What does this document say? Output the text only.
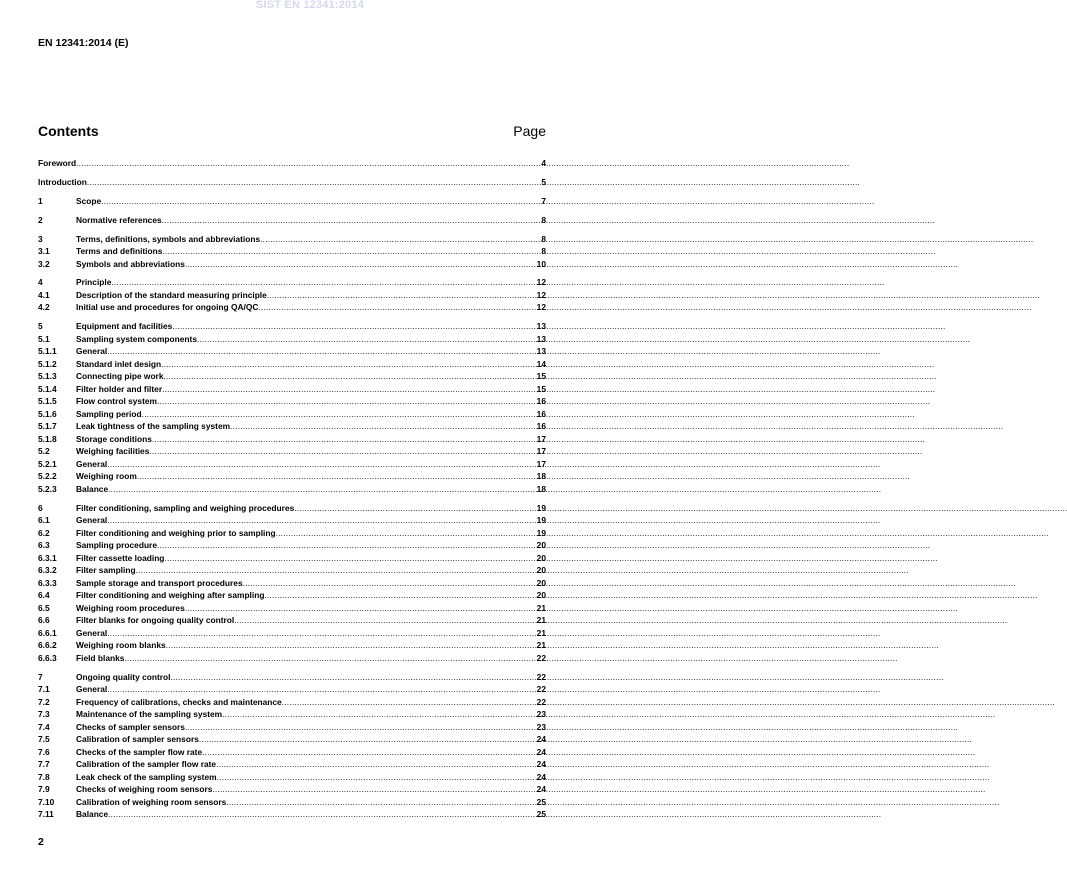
SIST EN 12341:2014
EN 12341:2014 (E)
Contents	Page
Foreword .....	4
Introduction .....	5
1	Scope .....	7
2	Normative references .....	8
3	Terms, definitions, symbols and abbreviations .....	8
3.1	Terms and definitions .....	8
3.2	Symbols and abbreviations .....	10
4	Principle .....	12
4.1	Description of the standard measuring principle .....	12
4.2	Initial use and procedures for ongoing QA/QC .....	12
5	Equipment and facilities .....	13
5.1	Sampling system components .....	13
5.1.1	General .....	13
5.1.2	Standard inlet design .....	14
5.1.3	Connecting pipe work .....	15
5.1.4	Filter holder and filter .....	15
5.1.5	Flow control system .....	16
5.1.6	Sampling period .....	16
5.1.7	Leak tightness of the sampling system .....	16
5.1.8	Storage conditions .....	17
5.2	Weighing facilities .....	17
5.2.1	General .....	17
5.2.2	Weighing room .....	18
5.2.3	Balance .....	18
6	Filter conditioning, sampling and weighing procedures .....	19
6.1	General .....	19
6.2	Filter conditioning and weighing prior to sampling .....	19
6.3	Sampling procedure .....	20
6.3.1	Filter cassette loading .....	20
6.3.2	Filter sampling .....	20
6.3.3	Sample storage and transport procedures .....	20
6.4	Filter conditioning and weighing after sampling .....	20
6.5	Weighing room procedures .....	21
6.6	Filter blanks for ongoing quality control .....	21
6.6.1	General .....	21
6.6.2	Weighing room blanks .....	21
6.6.3	Field blanks .....	22
7	Ongoing quality control .....	22
7.1	General .....	22
7.2	Frequency of calibrations, checks and maintenance .....	22
7.3	Maintenance of the sampling system .....	23
7.4	Checks of sampler sensors .....	23
7.5	Calibration of sampler sensors .....	24
7.6	Checks of the sampler flow rate .....	24
7.7	Calibration of the sampler flow rate .....	24
7.8	Leak check of the sampling system .....	24
7.9	Checks of weighing room sensors .....	24
7.10	Calibration of weighing room sensors .....	25
7.11	Balance .....	25
2
